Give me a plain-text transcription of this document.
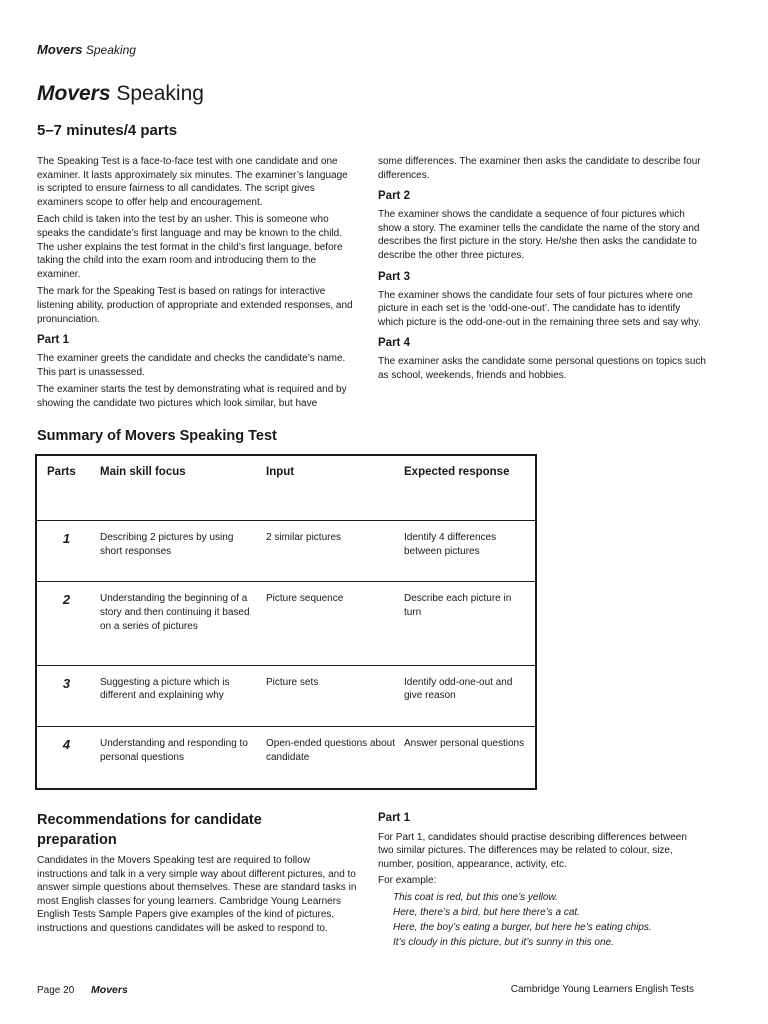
Movers Speaking
Movers Speaking
5–7 minutes/4 parts

The Speaking Test is a face-to-face test with one candidate and one examiner. It lasts approximately six minutes. The examiner’s language is scripted to ensure fairness to all candidates. The script gives examiners scope to offer help and encouragement.

Each child is taken into the test by an usher. This is someone who speaks the candidate’s first language and may be known to the child. The usher explains the test format in the child’s first language, before taking the child into the exam room and introducing them to the examiner.

The mark for the Speaking Test is based on ratings for interactive listening ability, production of appropriate and extended responses, and pronunciation.

Part 1

The examiner greets the candidate and checks the candidate’s name. This part is unassessed.

The examiner starts the test by demonstrating what is required and by showing the candidate two pictures which look similar, but have

some differences. The examiner then asks the candidate to describe four differences.

Part 2

The examiner shows the candidate a sequence of four pictures which show a story. The examiner tells the candidate the name of the story and describes the first picture in the story. He/she then asks the candidate to describe the other three pictures.

Part 3

The examiner shows the candidate four sets of four pictures where one picture in each set is the ‘odd-one-out’. The candidate has to identify which picture is the odd-one-out in the remaining three sets and say why.

Part 4

The examiner asks the candidate some personal questions on topics such as school, weekends, friends and hobbies.

Summary of Movers Speaking Test
Parts	Main skill focus	Input	Expected response
1	Describing 2 pictures by using short responses	2 similar pictures	Identify 4 differences between pictures
2	Understanding the beginning of a story and then continuing it based on a series of pictures	Picture sequence	Describe each picture in turn
3	Suggesting a picture which is different and explaining why	Picture sets	Identify odd-one-out and give reason
4	Understanding and responding to personal questions	Open-ended questions about candidate	Answer personal questions
Recommendations for candidate preparation

Candidates in the Movers Speaking test are required to follow instructions and talk in a very simple way about different pictures, and to answer simple questions about themselves. These are standard tasks in most English classes for young learners. Cambridge Young Learners English Tests Sample Papers give examples of the kind of pictures, instructions and questions candidates will be asked to respond to.

Part 1

For Part 1, candidates should practise describing differences between two similar pictures. The differences may be related to colour, size, number, position, appearance, activity, etc.

For example:

This coat is red, but this one’s yellow.

Here, there’s a bird, but here there’s a cat.

Here, the boy’s eating a burger, but here he’s eating chips.

It’s cloudy in this picture, but it’s sunny in this one.

Page 20 Movers	Cambridge Young Learners English Tests
